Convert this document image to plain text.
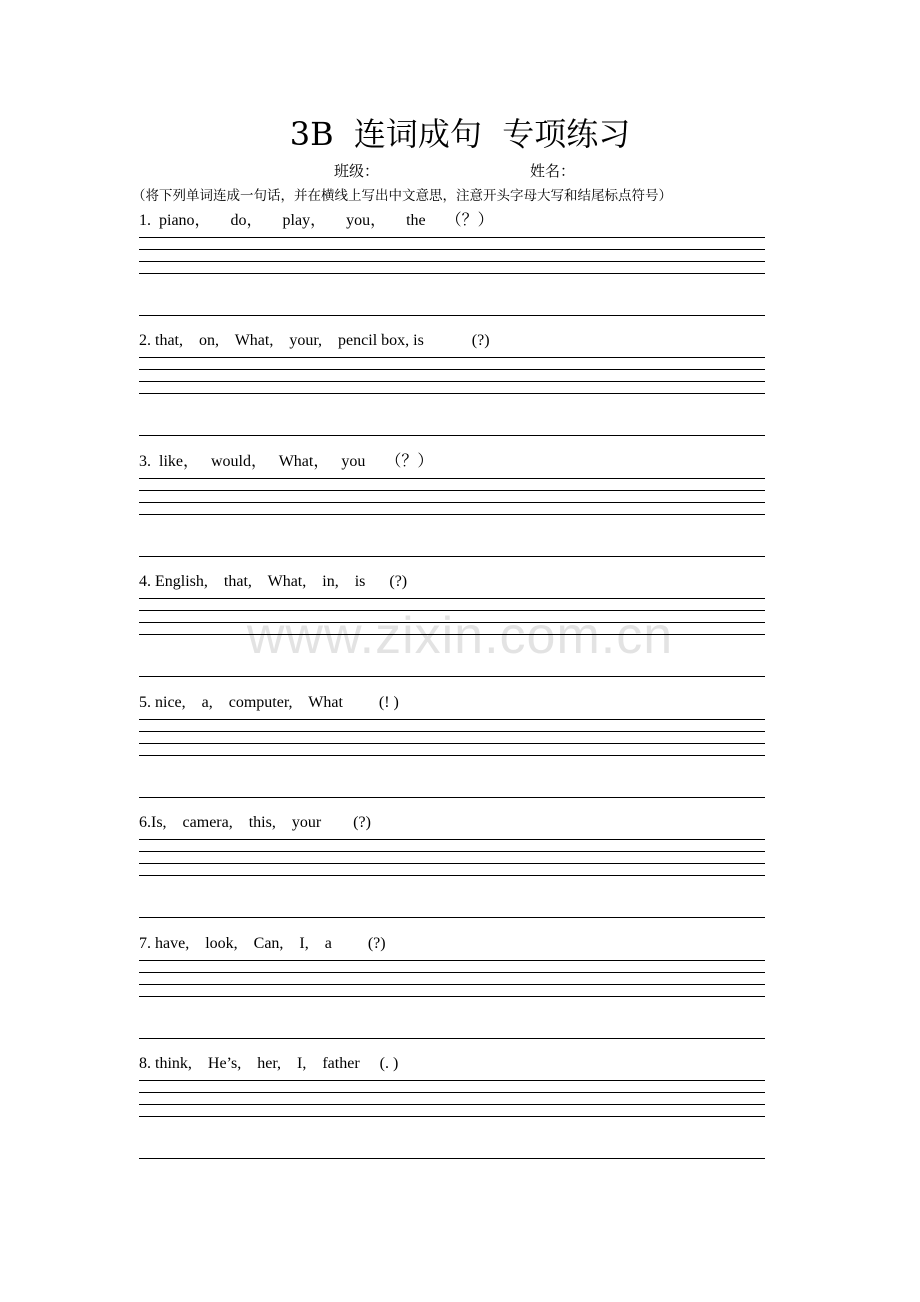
3B  连词成句  专项练习
班级：	姓名：
（将下列单词连成一句话，并在横线上写出中文意思，注意开头字母大写和结尾标点符号）
1.  piano，     do，     play，     you，     the     （？）
2. that,    on,    What,    your,    pencil box, is            (?)
3.  like，   would，   What，   you     （？）
4. English,    that,    What,    in,    is      (?)
5. nice,    a,    computer,    What         (! )
6.Is,    camera,    this,    your        (?)
7. have,    look,    Can,    I,    a         (?)
8. think,    He’s,    her,    I,    father     (. )
www.zixin.com.cn
